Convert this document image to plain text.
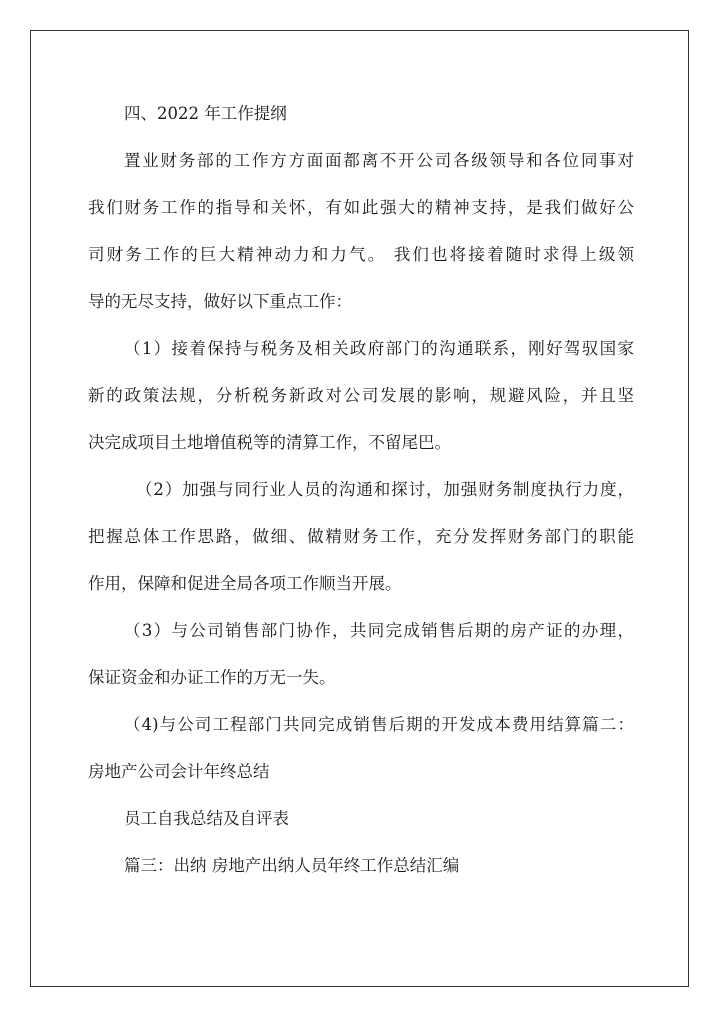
四、2022 年工作提纲
置业财务部的工作方方面面都离不开公司各级领导和各位同事对
我们财务工作的指导和关怀，有如此强大的精神支持，是我们做好公
司财务工作的巨大精神动力和力气。 我们也将接着随时求得上级领
导的无尽支持，做好以下重点工作：
（1）接着保持与税务及相关政府部门的沟通联系，刚好驾驭国家
新的政策法规，分析税务新政对公司发展的影响，规避风险，并且坚
决完成项目土地增值税等的清算工作，不留尾巴。
（2）加强与同行业人员的沟通和探讨，加强财务制度执行力度，
把握总体工作思路，做细、做精财务工作，充分发挥财务部门的职能
作用，保障和促进全局各项工作顺当开展。
（3）与公司销售部门协作，共同完成销售后期的房产证的办理，
保证资金和办证工作的万无一失。
（4)与公司工程部门共同完成销售后期的开发成本费用结算篇二：
房地产公司会计年终总结
员工自我总结及自评表
篇三：出纳 房地产出纳人员年终工作总结汇编
